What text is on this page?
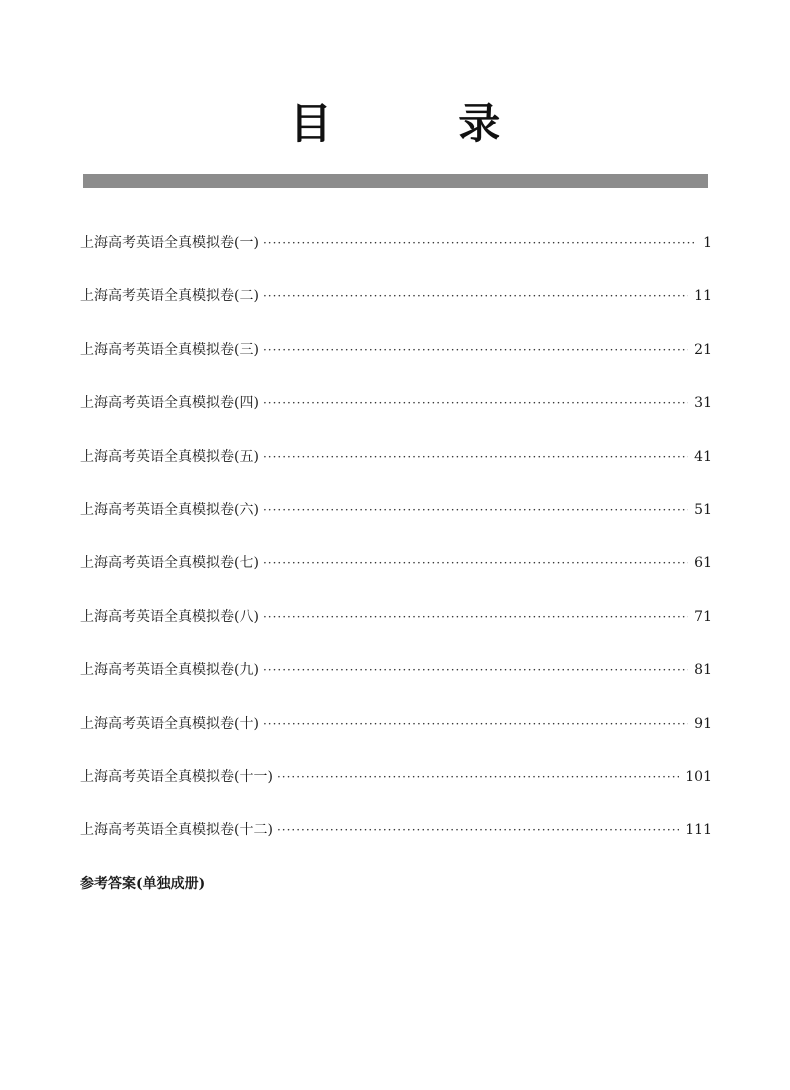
目 录
上海高考英语全真模拟卷(一) ·····	1
上海高考英语全真模拟卷(二) ·····	11
上海高考英语全真模拟卷(三) ·····	21
上海高考英语全真模拟卷(四) ·····	31
上海高考英语全真模拟卷(五) ·····	41
上海高考英语全真模拟卷(六) ·····	51
上海高考英语全真模拟卷(七) ·····	61
上海高考英语全真模拟卷(八) ·····	71
上海高考英语全真模拟卷(九) ·····	81
上海高考英语全真模拟卷(十) ·····	91
上海高考英语全真模拟卷(十一) ·····	101
上海高考英语全真模拟卷(十二) ·····	111
参考答案(单独成册)
